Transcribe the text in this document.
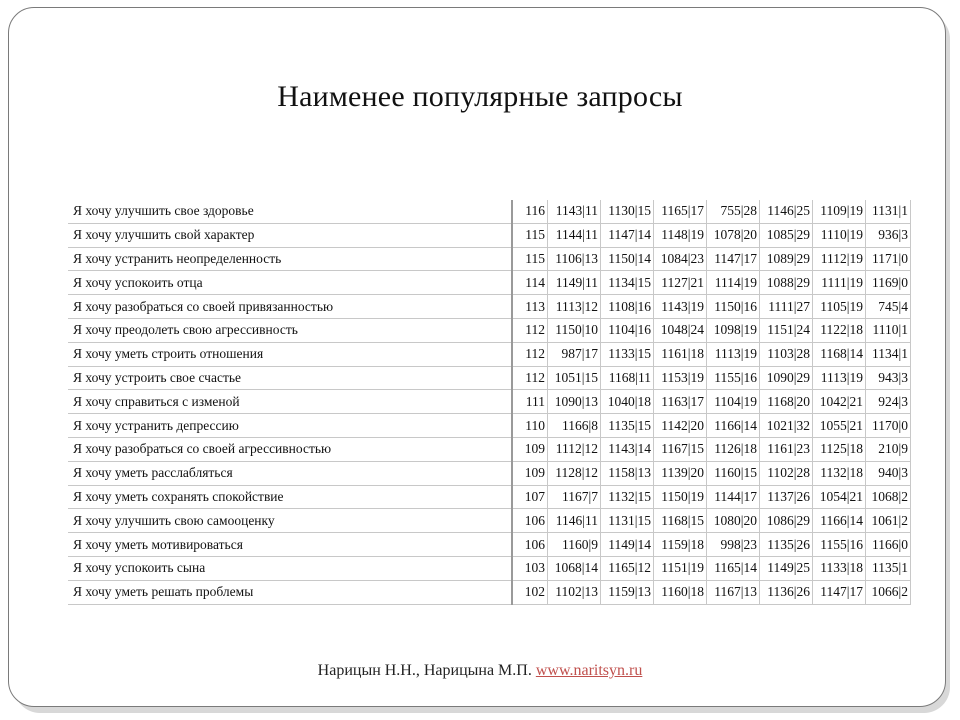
Наименее популярные запросы
Я хочу улучшить свое здоровье	116	1143|11	1130|15	1165|17	755|28	1146|25	1109|19	1131|1
Я хочу улучшить свой характер	115	1144|11	1147|14	1148|19	1078|20	1085|29	1110|19	936|3
Я хочу устранить неопределенность	115	1106|13	1150|14	1084|23	1147|17	1089|29	1112|19	1171|0
Я хочу успокоить отца	114	1149|11	1134|15	1127|21	1114|19	1088|29	1111|19	1169|0
Я хочу разобраться со своей привязанностью	113	1113|12	1108|16	1143|19	1150|16	1111|27	1105|19	745|4
Я хочу преодолеть свою агрессивность	112	1150|10	1104|16	1048|24	1098|19	1151|24	1122|18	1110|1
Я хочу уметь строить отношения	112	987|17	1133|15	1161|18	1113|19	1103|28	1168|14	1134|1
Я хочу устроить свое счастье	112	1051|15	1168|11	1153|19	1155|16	1090|29	1113|19	943|3
Я хочу справиться с изменой	111	1090|13	1040|18	1163|17	1104|19	1168|20	1042|21	924|3
Я хочу устранить депрессию	110	1166|8	1135|15	1142|20	1166|14	1021|32	1055|21	1170|0
Я хочу разобраться со своей агрессивностью	109	1112|12	1143|14	1167|15	1126|18	1161|23	1125|18	210|9
Я хочу уметь расслабляться	109	1128|12	1158|13	1139|20	1160|15	1102|28	1132|18	940|3
Я хочу уметь сохранять спокойствие	107	1167|7	1132|15	1150|19	1144|17	1137|26	1054|21	1068|2
Я хочу улучшить свою самооценку	106	1146|11	1131|15	1168|15	1080|20	1086|29	1166|14	1061|2
Я хочу уметь мотивироваться	106	1160|9	1149|14	1159|18	998|23	1135|26	1155|16	1166|0
Я хочу успокоить сына	103	1068|14	1165|12	1151|19	1165|14	1149|25	1133|18	1135|1
Я хочу уметь решать проблемы	102	1102|13	1159|13	1160|18	1167|13	1136|26	1147|17	1066|2
Нарицын Н.Н., Нарицына М.П. www.naritsyn.ru
